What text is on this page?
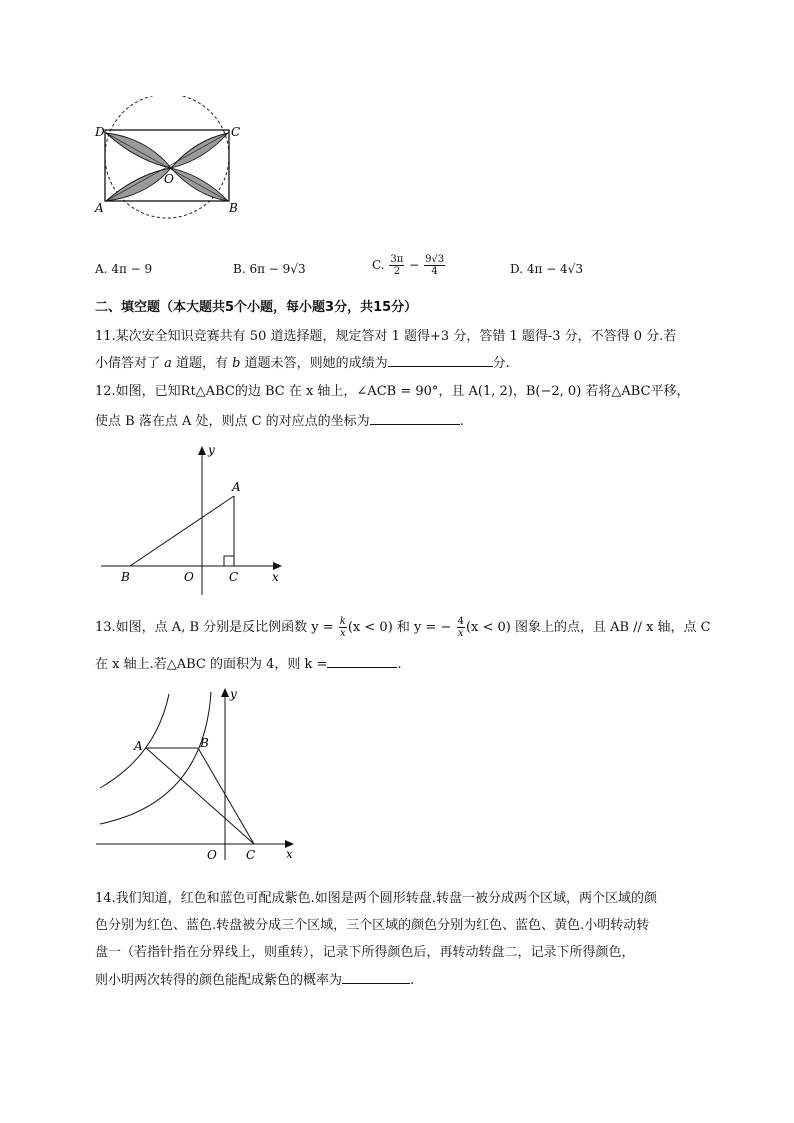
D	C
A	B
O
A. 4π − 9	B. 6π − 9√3	C. $\frac{3\pi}{2} - \frac{9√3}{4}$	D. 4π − 4√3
二、填空题（本大题共5个小题，每小题3分，共15分）
11.某次安全知识竞赛共有 50 道选择题，规定答对 1 题得+3 分，答错 1 题得-3 分，不答得 0 分.若
小倩答对了 a 道题，有 b 道题未答，则她的成绩为	分.
12.如图，已知Rt△ABC的边 BC 在 x 轴上，∠ACB = 90°，且 A(1, 2)，B(−2, 0) 若将△ABC平移，
使点 B 落在点 A 处，则点 C 的对应点的坐标为	.
y
A
B	O	C	x
13.如图，点 A, B 分别是反比例函数 $y = \frac{k}{x} (x < 0)$ 和 y = − $\frac{4}{x} (x < 0)$ 图象上的点，且 AB // x 轴，点 C
在 x 轴上.若△ABC 的面积为 4，则 k =	.
y
A	B
O C	x
14.我们知道，红色和蓝色可配成紫色.如图是两个圆形转盘.转盘一被分成两个区域，两个区域的颜
色分别为红色、蓝色.转盘被分成三个区域，三个区域的颜色分别为红色、蓝色、黄色.小明转动转
盘一（若指针指在分界线上，则重转），记录下所得颜色后，再转动转盘二，记录下所得颜色，
则小明两次转得的颜色能配成紫色的概率为	.
